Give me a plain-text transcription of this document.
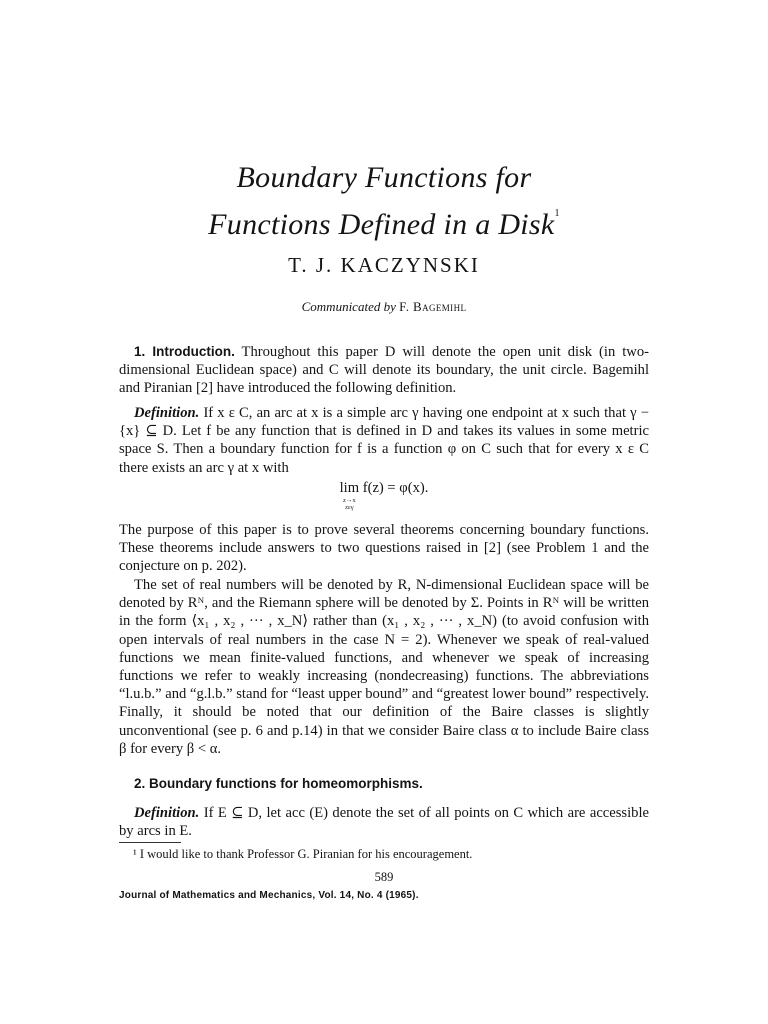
Boundary Functions for
Functions Defined in a Disk$^1$
T. J. KACZYNSKI
Communicated by F. Bagemihl
1. Introduction. Throughout this paper D will denote the open unit disk (in two-dimensional Euclidean space) and C will denote its boundary, the unit circle. Bagemihl and Piranian [2] have introduced the following definition.
Definition. If x ε C, an arc at x is a simple arc γ having one endpoint at x such that γ − {x} ⊆ D. Let f be any function that is defined in D and takes its values in some metric space S. Then a boundary function for f is a function φ on C such that for every x ε C there exists an arc γ at x with
lim
z→x
zεγ
f(z) = φ(x).
The purpose of this paper is to prove several theorems concerning boundary functions. These theorems include answers to two questions raised in [2] (see Problem 1 and the conjecture on p. 202).
The set of real numbers will be denoted by R, N-dimensional Euclidean space will be denoted by Rᴺ, and the Riemann sphere will be denoted by Σ. Points in Rᴺ will be written in the form ⟨x₁ , x₂ , ··· , x_N⟩ rather than (x₁ , x₂ , ··· , x_N) (to avoid confusion with open intervals of real numbers in the case N = 2). Whenever we speak of real-valued functions we mean finite-valued functions, and whenever we speak of increasing functions we refer to weakly increasing (nondecreasing) functions. The abbreviations “l.u.b.” and “g.l.b.” stand for “least upper bound” and “greatest lower bound” respectively. Finally, it should be noted that our definition of the Baire classes is slightly unconventional (see p. 6 and p.14) in that we consider Baire class α to include Baire class β for every β < α.
2. Boundary functions for homeomorphisms.
Definition. If E ⊆ D, let acc (E) denote the set of all points on C which are accessible by arcs in E.
¹ I would like to thank Professor G. Piranian for his encouragement.
589
Journal of Mathematics and Mechanics, Vol. 14, No. 4 (1965).
